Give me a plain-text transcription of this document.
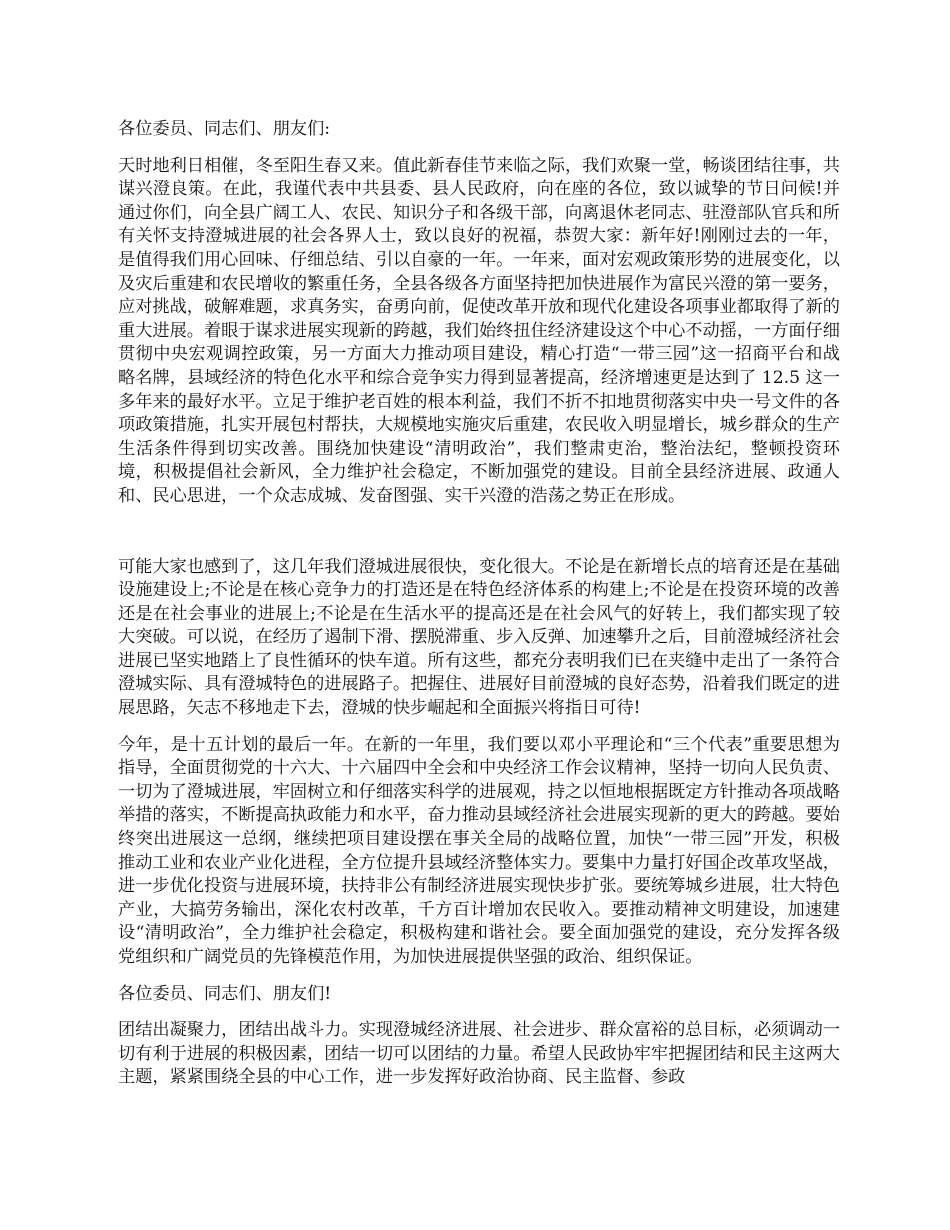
各位委员、同志们、朋友们:

天时地利日相催，冬至阳生春又来。值此新春佳节来临之际，我们欢聚一堂，畅谈团结往事，共谋兴澄良策。在此，我谨代表中共县委、县人民政府，向在座的各位，致以诚挚的节日问候!并通过你们，向全县广阔工人、农民、知识分子和各级干部，向离退休老同志、驻澄部队官兵和所有关怀支持澄城进展的社会各界人士，致以良好的祝福，恭贺大家：新年好!刚刚过去的一年，是值得我们用心回味、仔细总结、引以自豪的一年。一年来，面对宏观政策形势的进展变化，以及灾后重建和农民增收的繁重任务，全县各级各方面坚持把加快进展作为富民兴澄的第一要务，应对挑战，破解难题，求真务实，奋勇向前，促使改革开放和现代化建设各项事业都取得了新的重大进展。着眼于谋求进展实现新的跨越，我们始终扭住经济建设这个中心不动摇，一方面仔细贯彻中央宏观调控政策，另一方面大力推动项目建设，精心打造“一带三园”这一招商平台和战略名牌，县域经济的特色化水平和综合竞争实力得到显著提高，经济增速更是达到了 12.5 这一多年来的最好水平。立足于维护老百姓的根本利益，我们不折不扣地贯彻落实中央一号文件的各项政策措施，扎实开展包村帮扶，大规模地实施灾后重建，农民收入明显增长，城乡群众的生产生活条件得到切实改善。围绕加快建设“清明政治”，我们整肃吏治，整治法纪，整顿投资环境，积极提倡社会新风，全力维护社会稳定，不断加强党的建设。目前全县经济进展、政通人和、民心思进，一个众志成城、发奋图强、实干兴澄的浩荡之势正在形成。

可能大家也感到了，这几年我们澄城进展很快，变化很大。不论是在新增长点的培育还是在基础设施建设上;不论是在核心竞争力的打造还是在特色经济体系的构建上;不论是在投资环境的改善还是在社会事业的进展上;不论是在生活水平的提高还是在社会风气的好转上，我们都实现了较大突破。可以说，在经历了遏制下滑、摆脱滞重、步入反弹、加速攀升之后，目前澄城经济社会进展已坚实地踏上了良性循环的快车道。所有这些，都充分表明我们已在夹缝中走出了一条符合澄城实际、具有澄城特色的进展路子。把握住、进展好目前澄城的良好态势，沿着我们既定的进展思路，矢志不移地走下去，澄城的快步崛起和全面振兴将指日可待!

今年，是十五计划的最后一年。在新的一年里，我们要以邓小平理论和“三个代表”重要思想为指导，全面贯彻党的十六大、十六届四中全会和中央经济工作会议精神，坚持一切向人民负责、一切为了澄城进展，牢固树立和仔细落实科学的进展观，持之以恒地根据既定方针推动各项战略举措的落实，不断提高执政能力和水平，奋力推动县域经济社会进展实现新的更大的跨越。要始终突出进展这一总纲，继续把项目建设摆在事关全局的战略位置，加快“一带三园”开发，积极推动工业和农业产业化进程，全方位提升县域经济整体实力。要集中力量打好国企改革攻坚战，进一步优化投资与进展环境，扶持非公有制经济进展实现快步扩张。要统筹城乡进展，壮大特色产业，大搞劳务输出，深化农村改革，千方百计增加农民收入。要推动精神文明建设，加速建设“清明政治”，全力维护社会稳定，积极构建和谐社会。要全面加强党的建设，充分发挥各级党组织和广阔党员的先锋模范作用，为加快进展提供坚强的政治、组织保证。

各位委员、同志们、朋友们!

团结出凝聚力，团结出战斗力。实现澄城经济进展、社会进步、群众富裕的总目标，必须调动一切有利于进展的积极因素，团结一切可以团结的力量。希望人民政协牢牢把握团结和民主这两大主题，紧紧围绕全县的中心工作，进一步发挥好政治协商、民主监督、参政
